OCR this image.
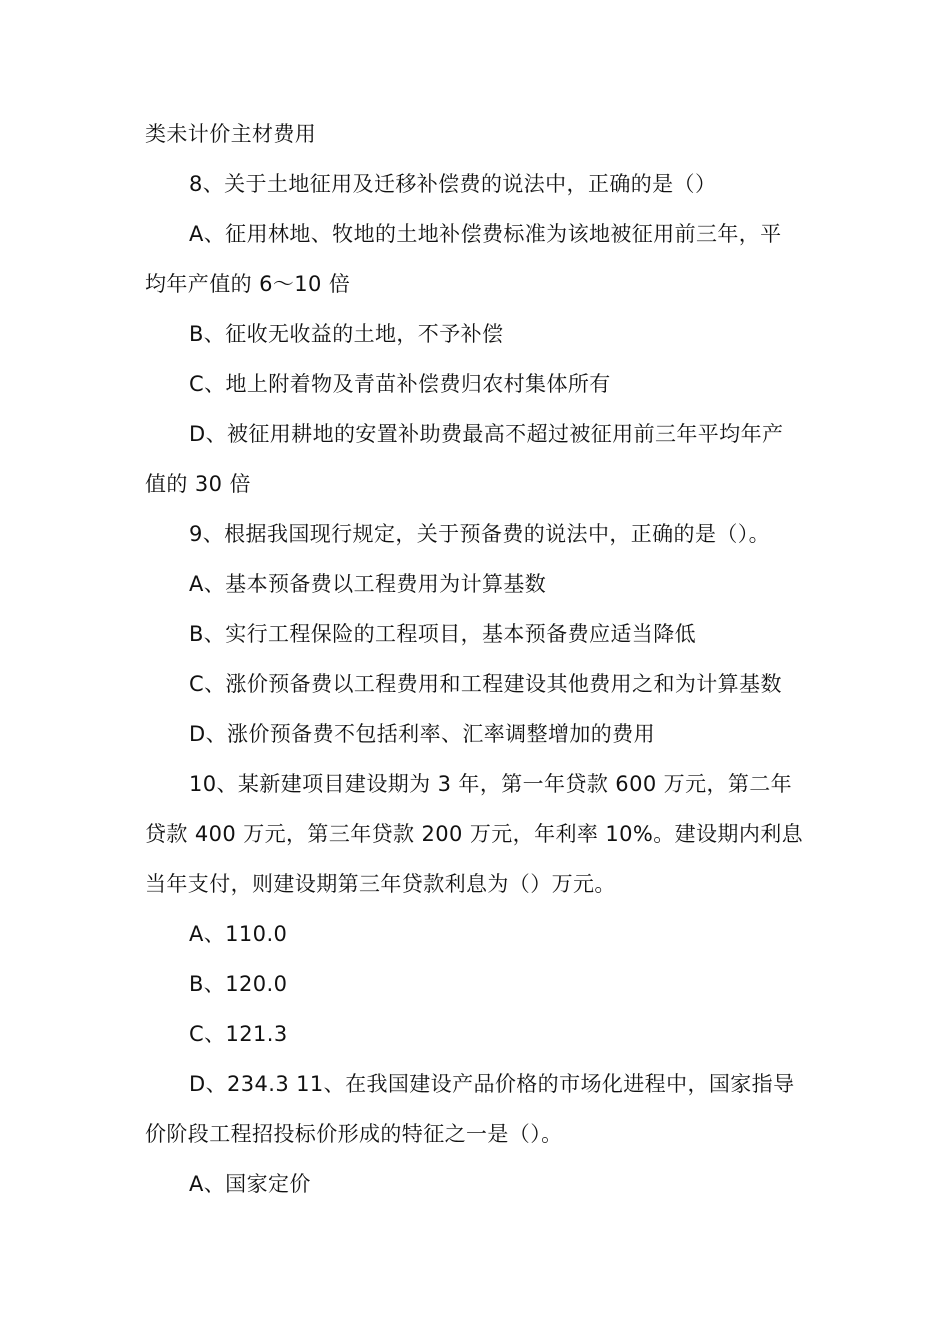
类未计价主材费用
8、关于土地征用及迁移补偿费的说法中，正确的是（）
A、征用林地、牧地的土地补偿费标准为该地被征用前三年，平
均年产值的 6～10 倍
B、征收无收益的土地，不予补偿
C、地上附着物及青苗补偿费归农村集体所有
D、被征用耕地的安置补助费最高不超过被征用前三年平均年产
值的 30 倍
9、根据我国现行规定，关于预备费的说法中，正确的是（）。
A、基本预备费以工程费用为计算基数
B、实行工程保险的工程项目，基本预备费应适当降低
C、涨价预备费以工程费用和工程建设其他费用之和为计算基数
D、涨价预备费不包括利率、汇率调整增加的费用
10、某新建项目建设期为 3 年，第一年贷款 600 万元，第二年
贷款 400 万元，第三年贷款 200 万元，年利率 10%。建设期内利息
当年支付，则建设期第三年贷款利息为（）万元。
A、110.0
B、120.0
C、121.3
D、234.3 11、在我国建设产品价格的市场化进程中，国家指导
价阶段工程招投标价形成的特征之一是（）。
A、国家定价
